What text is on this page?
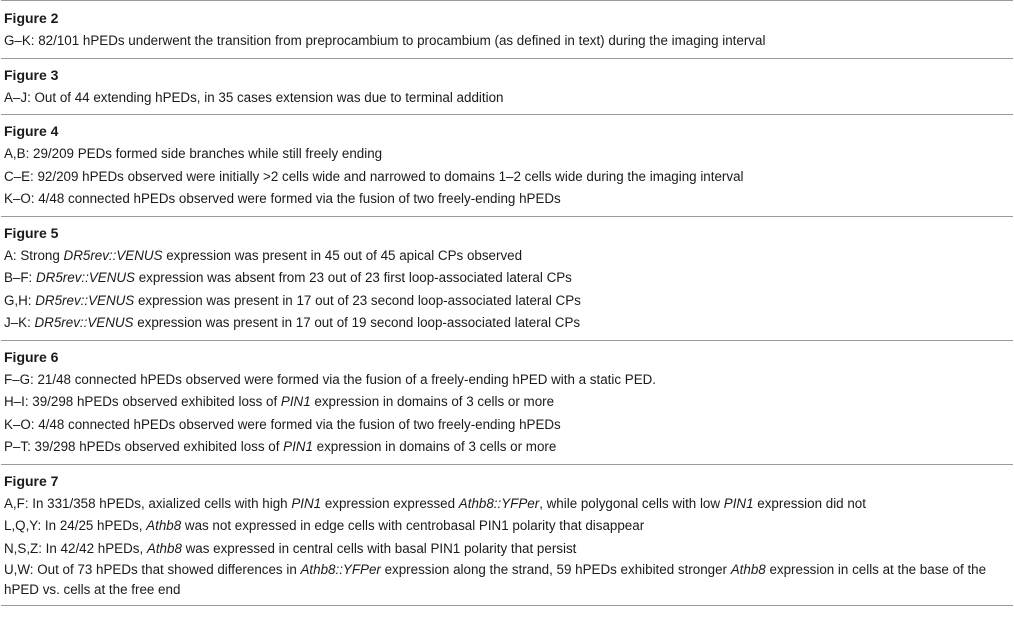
Figure 2
G–K: 82/101 hPEDs underwent the transition from preprocambium to procambium (as defined in text) during the imaging interval
Figure 3
A–J: Out of 44 extending hPEDs, in 35 cases extension was due to terminal addition
Figure 4
A,B: 29/209 PEDs formed side branches while still freely ending
C–E: 92/209 hPEDs observed were initially >2 cells wide and narrowed to domains 1–2 cells wide during the imaging interval
K–O: 4/48 connected hPEDs observed were formed via the fusion of two freely-ending hPEDs
Figure 5
A: Strong DR5rev::VENUS expression was present in 45 out of 45 apical CPs observed
B–F: DR5rev::VENUS expression was absent from 23 out of 23 first loop-associated lateral CPs
G,H: DR5rev::VENUS expression was present in 17 out of 23 second loop-associated lateral CPs
J–K: DR5rev::VENUS expression was present in 17 out of 19 second loop-associated lateral CPs
Figure 6
F–G: 21/48 connected hPEDs observed were formed via the fusion of a freely-ending hPED with a static PED.
H–I: 39/298 hPEDs observed exhibited loss of PIN1 expression in domains of 3 cells or more
K–O: 4/48 connected hPEDs observed were formed via the fusion of two freely-ending hPEDs
P–T: 39/298 hPEDs observed exhibited loss of PIN1 expression in domains of 3 cells or more
Figure 7
A,F: In 331/358 hPEDs, axialized cells with high PIN1 expression expressed Athb8::YFPer, while polygonal cells with low PIN1 expression did not
L,Q,Y: In 24/25 hPEDs, Athb8 was not expressed in edge cells with centrobasal PIN1 polarity that disappear
N,S,Z: In 42/42 hPEDs, Athb8 was expressed in central cells with basal PIN1 polarity that persist
U,W: Out of 73 hPEDs that showed differences in Athb8::YFPer expression along the strand, 59 hPEDs exhibited stronger Athb8 expression in cells at the base of the hPED vs. cells at the free end
